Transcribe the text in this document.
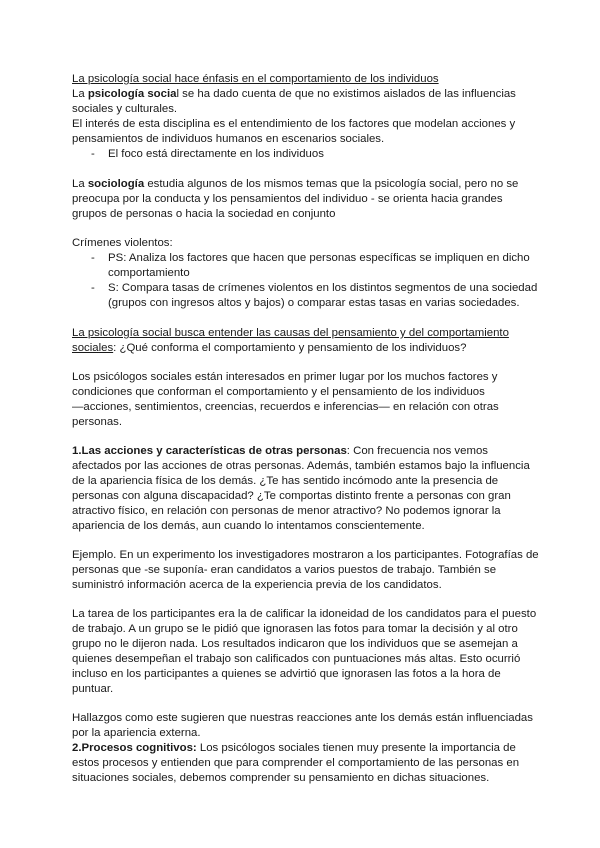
La psicología social hace énfasis en el comportamiento de los individuos

La psicología social se ha dado cuenta de que no existimos aislados de las influencias

sociales y culturales.

El interés de esta disciplina es el entendimiento de los factores que modelan acciones y

pensamientos de individuos humanos en escenarios sociales.

- El foco está directamente en los individuos

La sociología estudia algunos de los mismos temas que la psicología social, pero no se

preocupa por la conducta y los pensamientos del individuo - se orienta hacia grandes

grupos de personas o hacia la sociedad en conjunto

Crímenes violentos:

- PS: Analiza los factores que hacen que personas específicas se impliquen en dicho

comportamiento

- S: Compara tasas de crímenes violentos en los distintos segmentos de una sociedad

(grupos con ingresos altos y bajos) o comparar estas tasas en varias sociedades.

La psicología social busca entender las causas del pensamiento y del comportamiento

sociales: ¿Qué conforma el comportamiento y pensamiento de los individuos?

Los psicólogos sociales están interesados en primer lugar por los muchos factores y

condiciones que conforman el comportamiento y el pensamiento de los individuos

—acciones, sentimientos, creencias, recuerdos e inferencias— en relación con otras

personas.

1.Las acciones y características de otras personas: Con frecuencia nos vemos

afectados por las acciones de otras personas. Además, también estamos bajo la influencia

de la apariencia física de los demás. ¿Te has sentido incómodo ante la presencia de

personas con alguna discapacidad? ¿Te comportas distinto frente a personas con gran

atractivo físico, en relación con personas de menor atractivo? No podemos ignorar la

apariencia de los demás, aun cuando lo intentamos conscientemente.

Ejemplo. En un experimento los investigadores mostraron a los participantes. Fotografías de

personas que -se suponía- eran candidatos a varios puestos de trabajo. También se

suministró información acerca de la experiencia previa de los candidatos.

La tarea de los participantes era la de calificar la idoneidad de los candidatos para el puesto

de trabajo. A un grupo se le pidió que ignorasen las fotos para tomar la decisión y al otro

grupo no le dijeron nada. Los resultados indicaron que los individuos que se asemejan a

quienes desempeñan el trabajo son calificados con puntuaciones más altas. Esto ocurrió

incluso en los participantes a quienes se advirtió que ignorasen las fotos a la hora de

puntuar.

Hallazgos como este sugieren que nuestras reacciones ante los demás están influenciadas

por la apariencia externa.

2.Procesos cognitivos: Los psicólogos sociales tienen muy presente la importancia de

estos procesos y entienden que para comprender el comportamiento de las personas en

situaciones sociales, debemos comprender su pensamiento en dichas situaciones.
